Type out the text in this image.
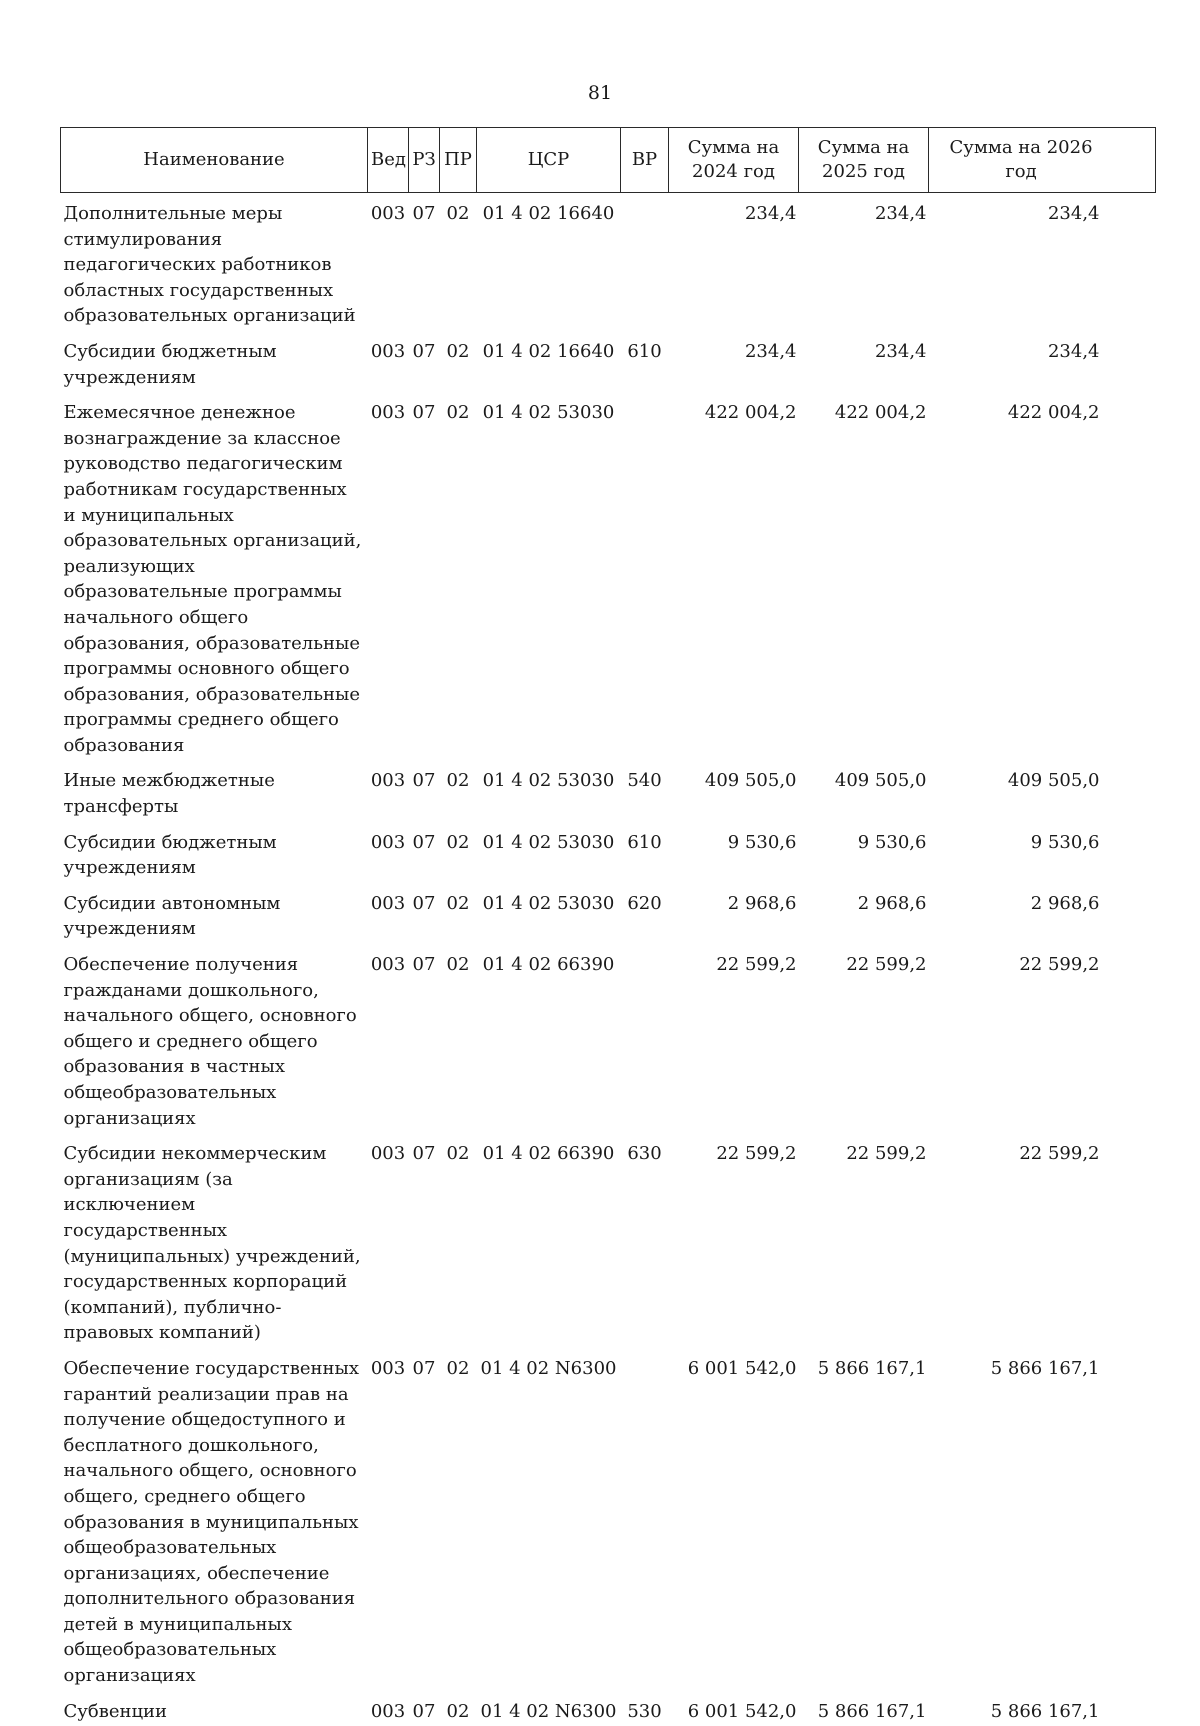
81
Наименование	Вед	РЗ	ПР	ЦСР	ВР	Сумма на 2024 год	Сумма на 2025 год	Сумма на 2026 год
Дополнительные меры стимулирования педагогических работников областных государственных образовательных организаций	003	07	02	01 4 02 16640		234,4	234,4	234,4
Субсидии бюджетным учреждениям	003	07	02	01 4 02 16640	610	234,4	234,4	234,4
Ежемесячное денежное вознаграждение за классное руководство педагогическим работникам государственных и муниципальных образовательных организаций, реализующих образовательные программы начального общего образования, образовательные программы основного общего образования, образовательные программы среднего общего образования	003	07	02	01 4 02 53030		422 004,2	422 004,2	422 004,2
Иные межбюджетные трансферты	003	07	02	01 4 02 53030	540	409 505,0	409 505,0	409 505,0
Субсидии бюджетным учреждениям	003	07	02	01 4 02 53030	610	9 530,6	9 530,6	9 530,6
Субсидии автономным учреждениям	003	07	02	01 4 02 53030	620	2 968,6	2 968,6	2 968,6
Обеспечение получения гражданами дошкольного, начального общего, основного общего и среднего общего образования в частных общеобразовательных организациях	003	07	02	01 4 02 66390		22 599,2	22 599,2	22 599,2
Субсидии некоммерческим организациям (за исключением государственных (муниципальных) учреждений, государственных корпораций (компаний), публично-правовых компаний)	003	07	02	01 4 02 66390	630	22 599,2	22 599,2	22 599,2
Обеспечение государственных гарантий реализации прав на получение общедоступного и бесплатного дошкольного, начального общего, основного общего, среднего общего образования в муниципальных общеобразовательных организациях, обеспечение дополнительного образования детей в муниципальных общеобразовательных организациях	003	07	02	01 4 02 N6300		6 001 542,0	5 866 167,1	5 866 167,1
Субвенции	003	07	02	01 4 02 N6300	530	6 001 542,0	5 866 167,1	5 866 167,1
